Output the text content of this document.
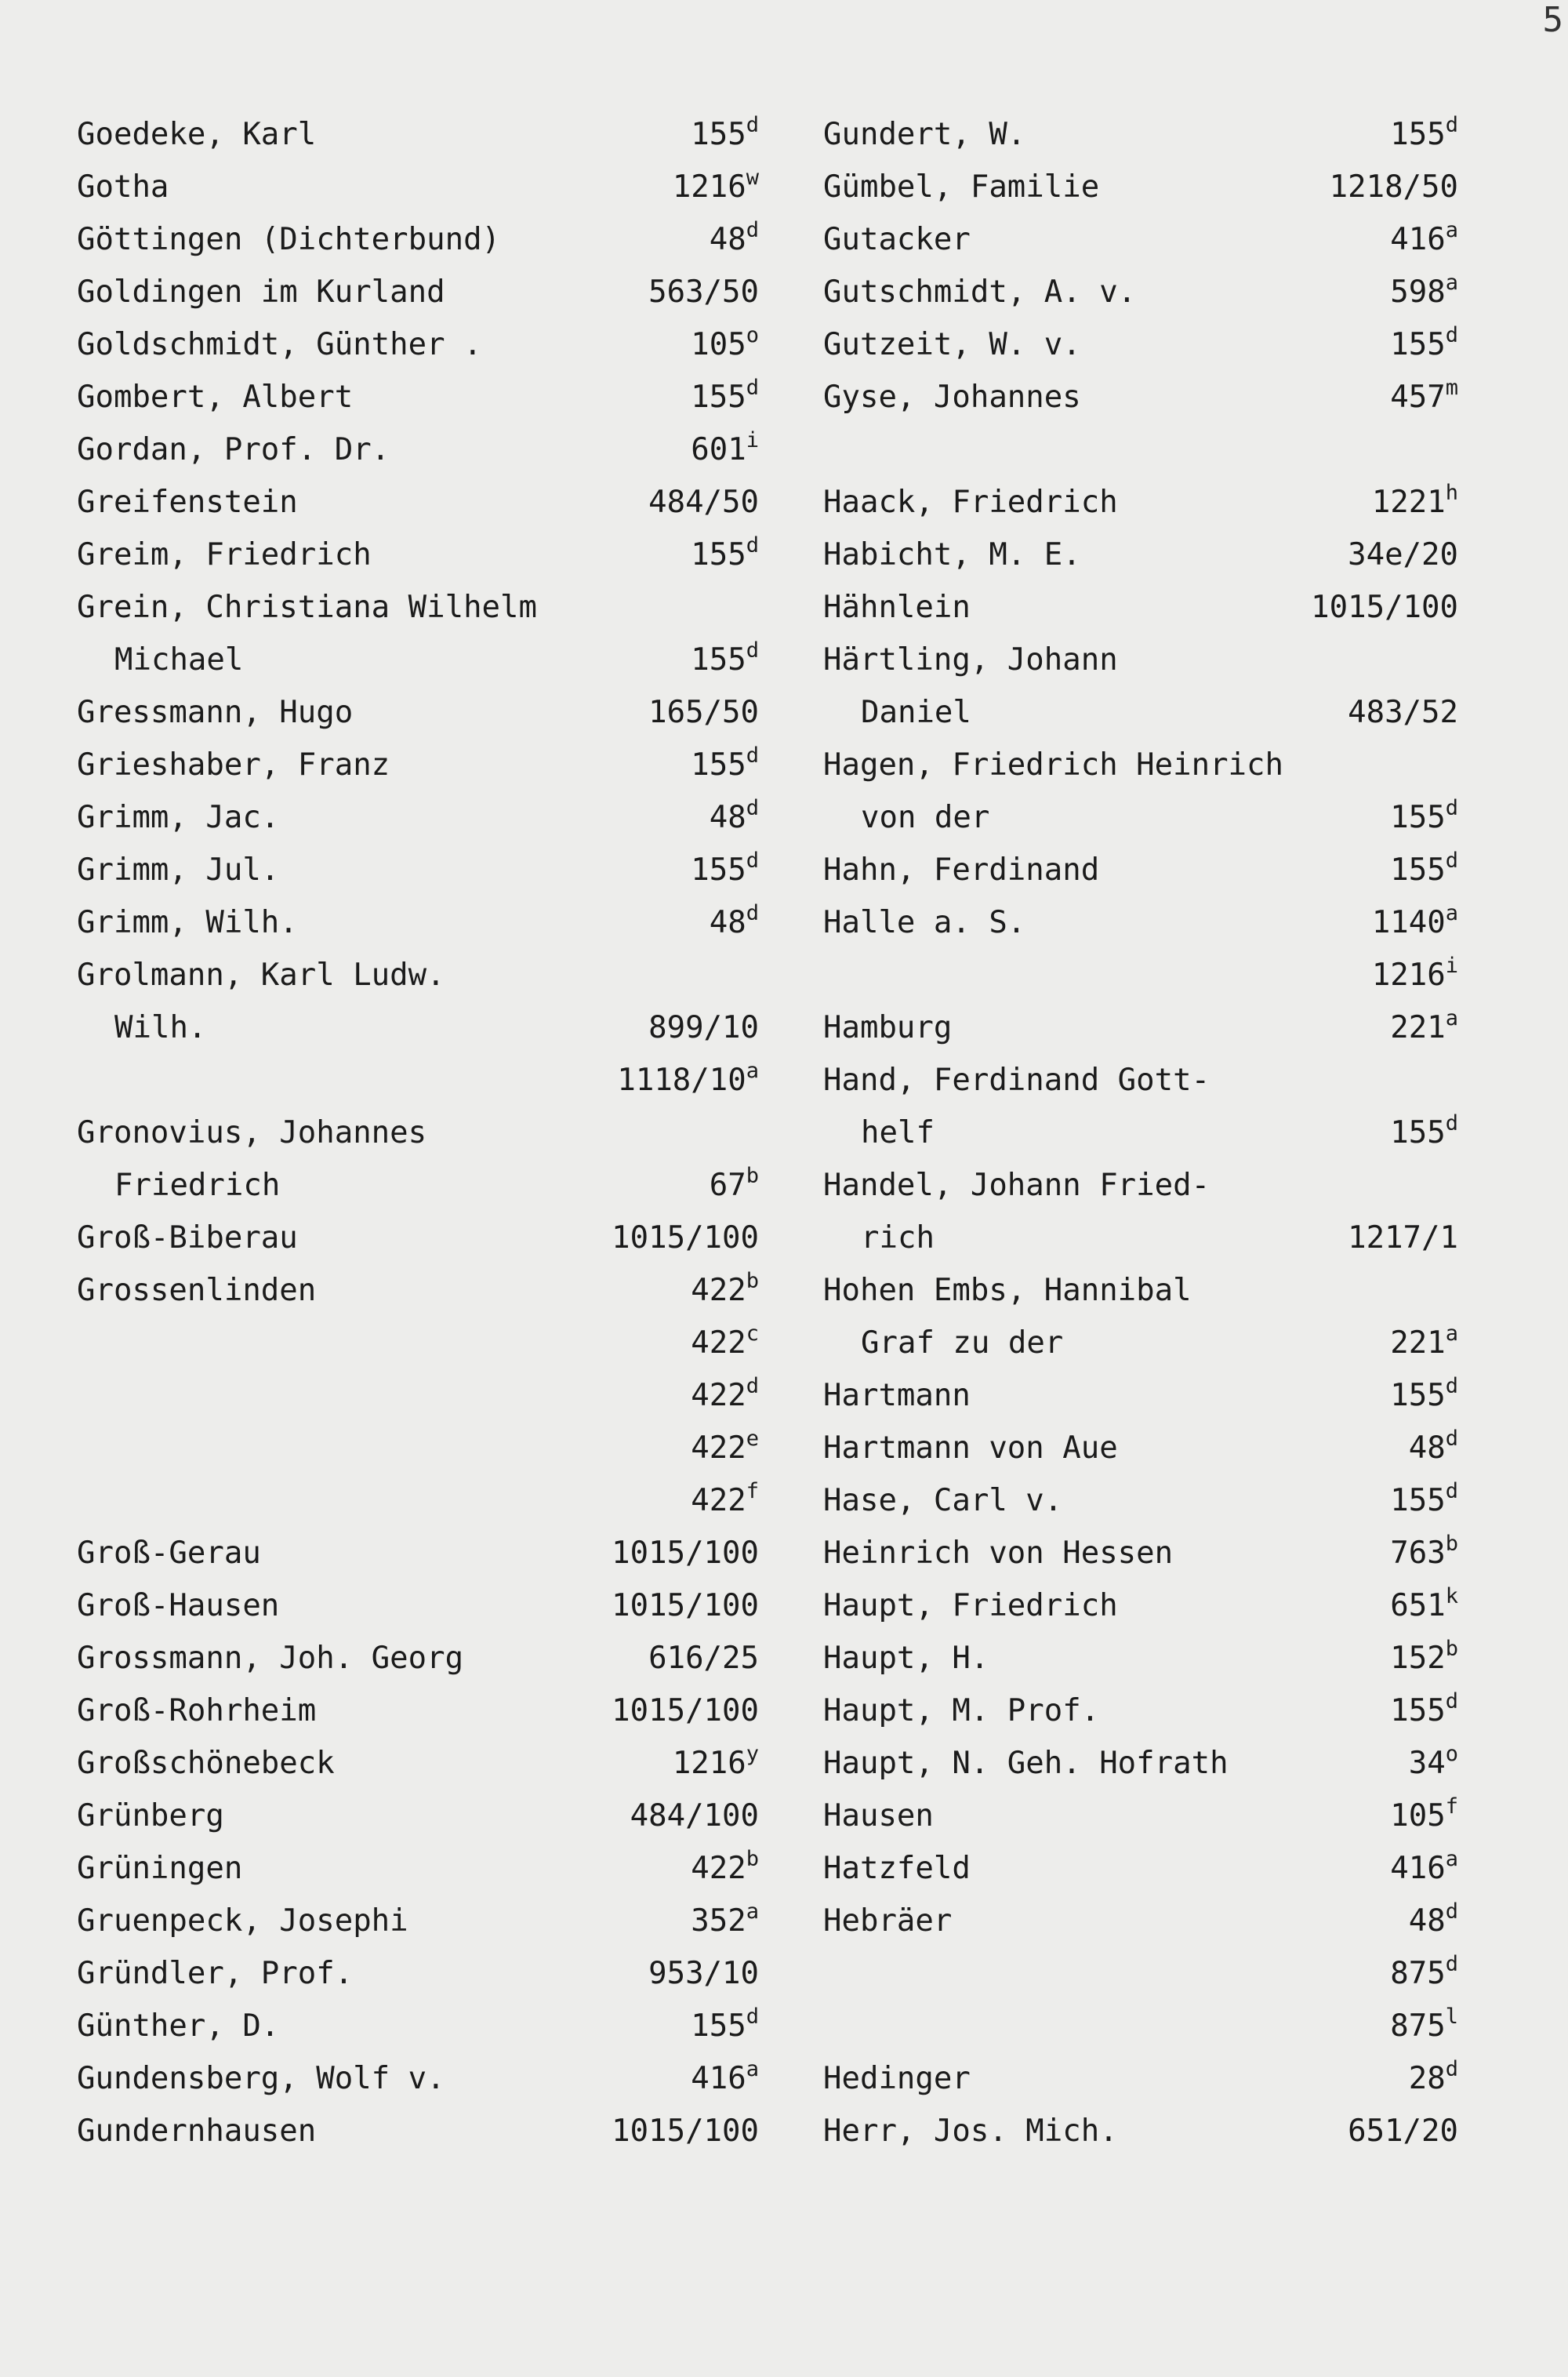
5
Goedeke, Karl	155$^d$
Gotha	1216$^w$
Göttingen (Dichterbund)	48$^d$
Goldingen im Kurland	563/50
Goldschmidt, Günther .	105$^o$
Gombert, Albert	155$^d$
Gordan, Prof. Dr.	601$^i$
Greifenstein	484/50
Greim, Friedrich	155$^d$
Grein, Christiana Wilhelm
Michael	155$^d$
Gressmann, Hugo	165/50
Grieshaber, Franz	155$^d$
Grimm, Jac.	48$^d$
Grimm, Jul.	155$^d$
Grimm, Wilh.	48$^d$
Grolmann, Karl Ludw.
Wilh.	899/10
1118/10$^a$
Gronovius, Johannes
Friedrich	67$^b$
Groß-Biberau	1015/100
Grossenlinden	422$^b$
422$^c$
422$^d$
422e
422$^f$
Groß-Gerau	1015/100
Groß-Hausen	1015/100
Grossmann, Joh. Georg	616/25
Groß-Rohrheim	1015/100
Großschönebeck	1216$^y$
Grünberg	484/100
Grüningen	422$^b$
Gruenpeck, Josephi	352$^a$
Gründler, Prof.	953/10
Günther, D.	155$^d$
Gundensberg, Wolf v.	416$^a$
Gundernhausen	1015/100
Gundert, W.	155$^d$
Gümbel, Familie	1218/50
Gutacker	416$^a$
Gutschmidt, A. v.	598$^a$
Gutzeit, W. v.	155$^d$
Gyse, Johannes	457$^m$
Haack, Friedrich	1221$^h$
Habicht, M. E.	34e/20
Hähnlein	1015/100
Härtling, Johann
Daniel	483/52
Hagen, Friedrich Heinrich
von der	155$^d$
Hahn, Ferdinand	155$^d$
Halle a. S.	1140$^a$
1216$^i$
Hamburg	221$^a$
Hand, Ferdinand Gott-
helf	155$^d$
Handel, Johann Fried-
rich	1217/1
Hohen Embs, Hannibal
Graf zu der	221$^a$
Hartmann	155$^d$
Hartmann von Aue	48$^d$
Hase, Carl v.	155$^d$
Heinrich von Hessen	763$^b$
Haupt, Friedrich	651$^k$
Haupt, H.	152$^b$
Haupt, M. Prof.	155$^d$
Haupt, N. Geh. Hofrath	34$^o$
Hausen	105$^f$
Hatzfeld	416$^a$
Hebräer	48$^d$
875$^d$
875$^l$
Hedinger	28$^d$
Herr, Jos. Mich.	651/20
